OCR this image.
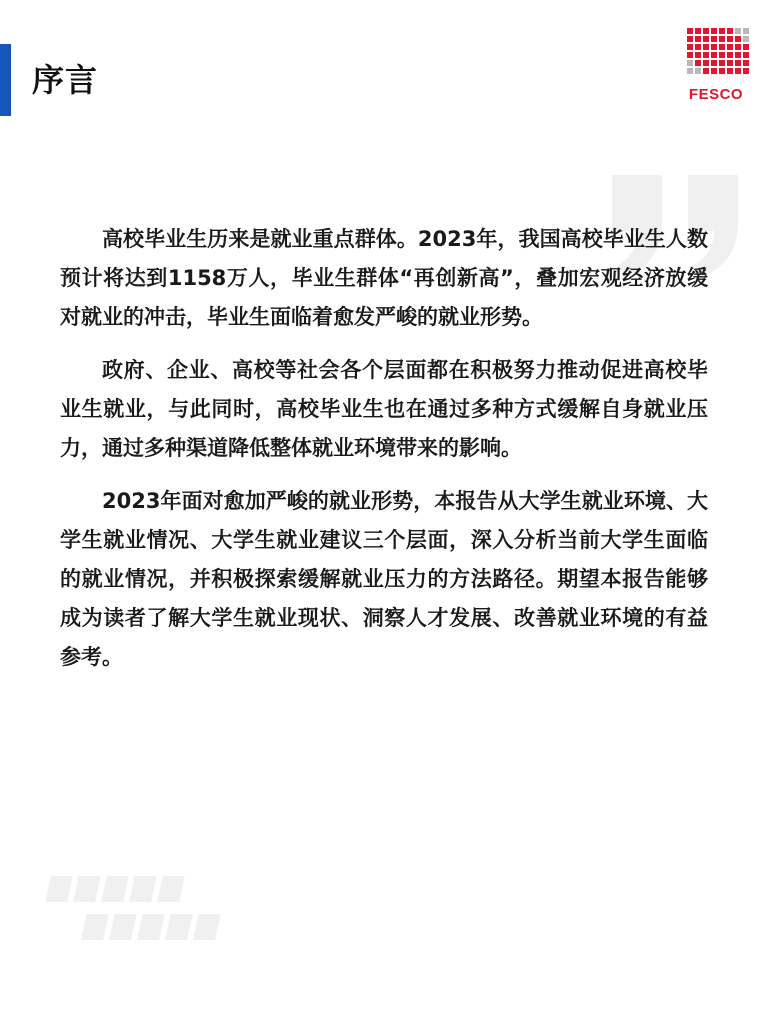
序言	FESCO

高校毕业生历来是就业重点群体。2023年，我国高校毕业生人数预计将达到1158万人，毕业生群体“再创新高”，叠加宏观经济放缓对就业的冲击，毕业生面临着愈发严峻的就业形势。

政府、企业、高校等社会各个层面都在积极努力推动促进高校毕业生就业，与此同时，高校毕业生也在通过多种方式缓解自身就业压力，通过多种渠道降低整体就业环境带来的影响。

2023年面对愈加严峻的就业形势，本报告从大学生就业环境、大学生就业情况、大学生就业建议三个层面，深入分析当前大学生面临的就业情况，并积极探索缓解就业压力的方法路径。期望本报告能够成为读者了解大学生就业现状、洞察人才发展、改善就业环境的有益参考。
